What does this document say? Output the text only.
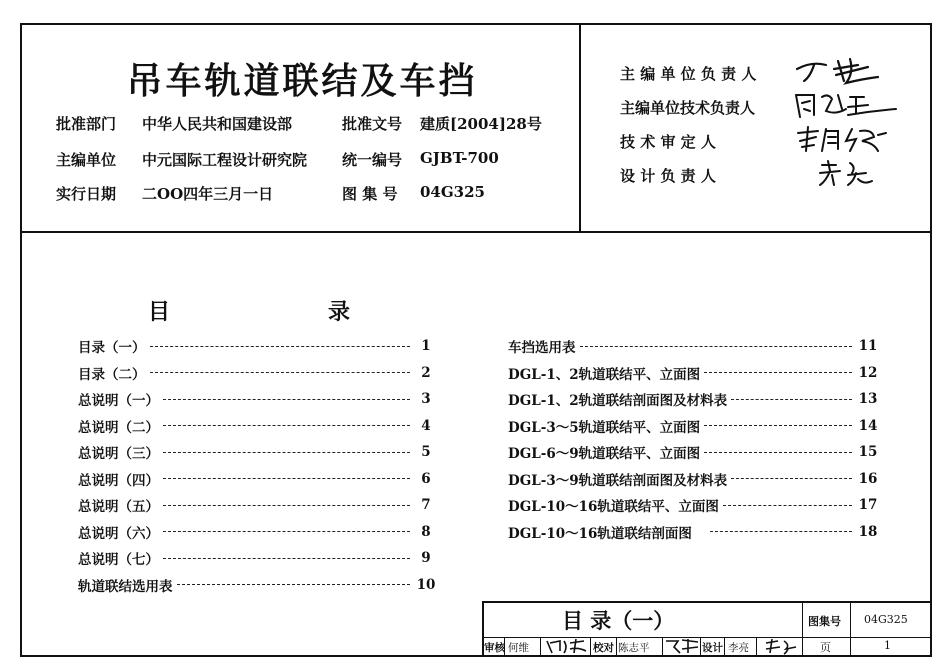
吊车轨道联结及车挡
批准部门 中华人民共和国建设部	批准文号 建质[2004]28号
主编单位 中元国际工程设计研究院 统一编号 GJBT-700
实行日期 二OO四年三月一日	图 集 号 04G325
主 编 单 位 负 责 人
主编单位技术负责人
技 术 审 定 人
设 计 负 责 人
目	录
目录（一）	1
目录（二）	2
总说明（一）	3
总说明（二）	4
总说明（三）	5
总说明（四）	6
总说明（五）	7
总说明（六）	8
总说明（七）	9
轨道联结选用表	10
车挡选用表	11
DGL-1、2轨道联结平、立面图	12
DGL-1、2轨道联结剖面图及材料表	13
DGL-3～5轨道联结平、立面图	14
DGL-6～9轨道联结平、立面图	15
DGL-3～9轨道联结剖面图及材料表	16
DGL-10～16轨道联结平、立面图	17
DGL-10～16轨道联结剖面图	18
目 录（一）	图集号 04G325
页	1
审核 何维	校对 陈志平	设计 李亮
